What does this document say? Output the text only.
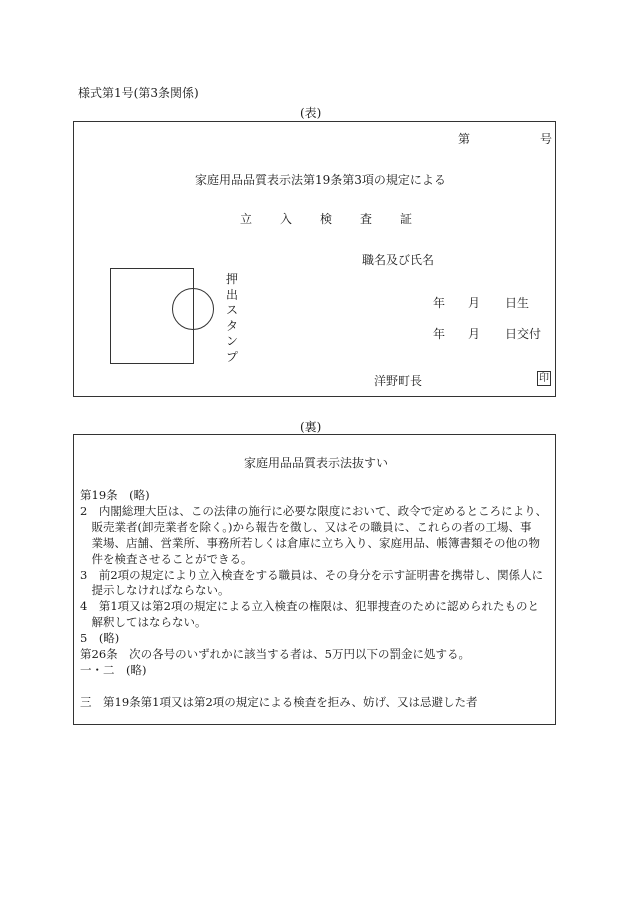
様式第1号(第3条関係)
(表)
第	号
家庭用品品質表示法第19条第3項の規定による
立 入 検 査 証
職名及び氏名
押出スタンプ
年 月 日生
年 月 日交付
洋野町長	印
(裏)
家庭用品品質表示法抜すい
第19条　(略)
2　内閣総理大臣は、この法律の施行に必要な限度において、政令で定めるところにより、
　販売業者(卸売業者を除く。)から報告を徴し、又はその職員に、これらの者の工場、事
　業場、店舗、営業所、事務所若しくは倉庫に立ち入り、家庭用品、帳簿書類その他の物
　件を検査させることができる。
3　前2項の規定により立入検査をする職員は、その身分を示す証明書を携帯し、関係人に
　提示しなければならない。
4　第1項又は第2項の規定による立入検査の権限は、犯罪捜査のために認められたものと
　解釈してはならない。
5　(略)
第26条　次の各号のいずれかに該当する者は、5万円以下の罰金に処する。
一・二　(略)
三　第19条第1項又は第2項の規定による検査を拒み、妨げ、又は忌避した者
